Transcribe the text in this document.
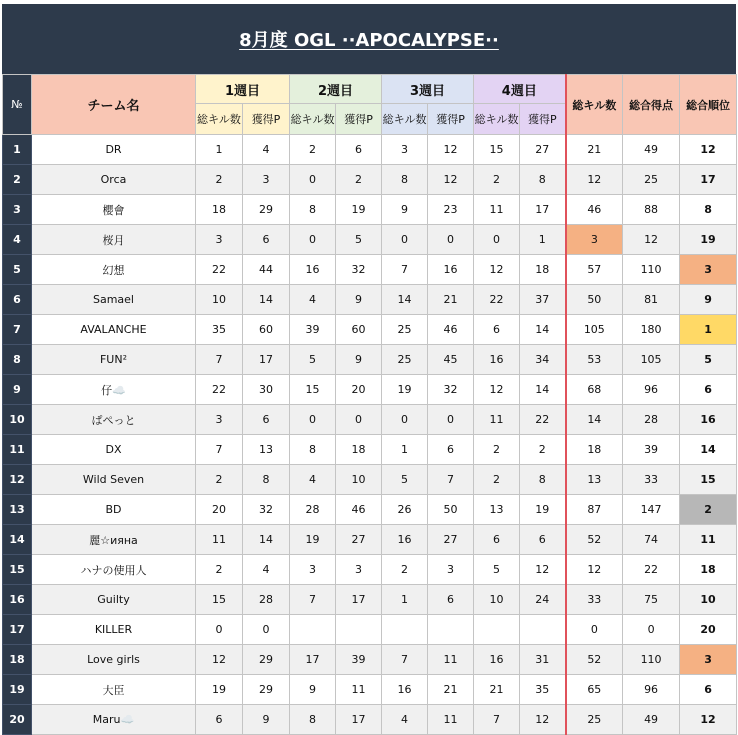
8月度 OGL ··APOCALYPSE··
№	チーム名	1週目		2週目		3週目		4週目		総キル数	総合得点	総合順位
		総キル数	獲得P	総キル数	獲得P	総キル数	獲得P	総キル数	獲得P			
1	DR	1	4	2	6	3	12	15	27	21	49	12
2	Orca	2	3	0	2	8	12	2	8	12	25	17
3	櫻會	18	29	8	19	9	23	11	17	46	88	8
4	桜月	3	6	0	5	0	0	0	1	3	12	19
5	幻想	22	44	16	32	7	16	12	18	57	110	3
6	Samael	10	14	4	9	14	21	22	37	50	81	9
7	AVALANCHE	35	60	39	60	25	46	6	14	105	180	1
8	FUN²	7	17	5	9	25	45	16	34	53	105	5
9	仔☁️	22	30	15	20	19	32	12	14	68	96	6
10	ぱぺっと	3	6	0	0	0	0	11	22	14	28	16
11	DX	7	13	8	18	1	6	2	2	18	39	14
12	Wild Seven	2	8	4	10	5	7	2	8	13	33	15
13	BD	20	32	28	46	26	50	13	19	87	147	2
14	麗☆иянa	11	14	19	27	16	27	6	6	52	74	11
15	ハナの使用人	2	4	3	3	2	3	5	12	12	22	18
16	Guilty	15	28	7	17	1	6	10	24	33	75	10
17	KILLER	0	0							0	0	20
18	Love girls	12	29	17	39	7	11	16	31	52	110	3
19	大臣	19	29	9	11	16	21	21	35	65	96	6
20	Maru☁️	6	9	8	17	4	11	7	12	25	49	12
